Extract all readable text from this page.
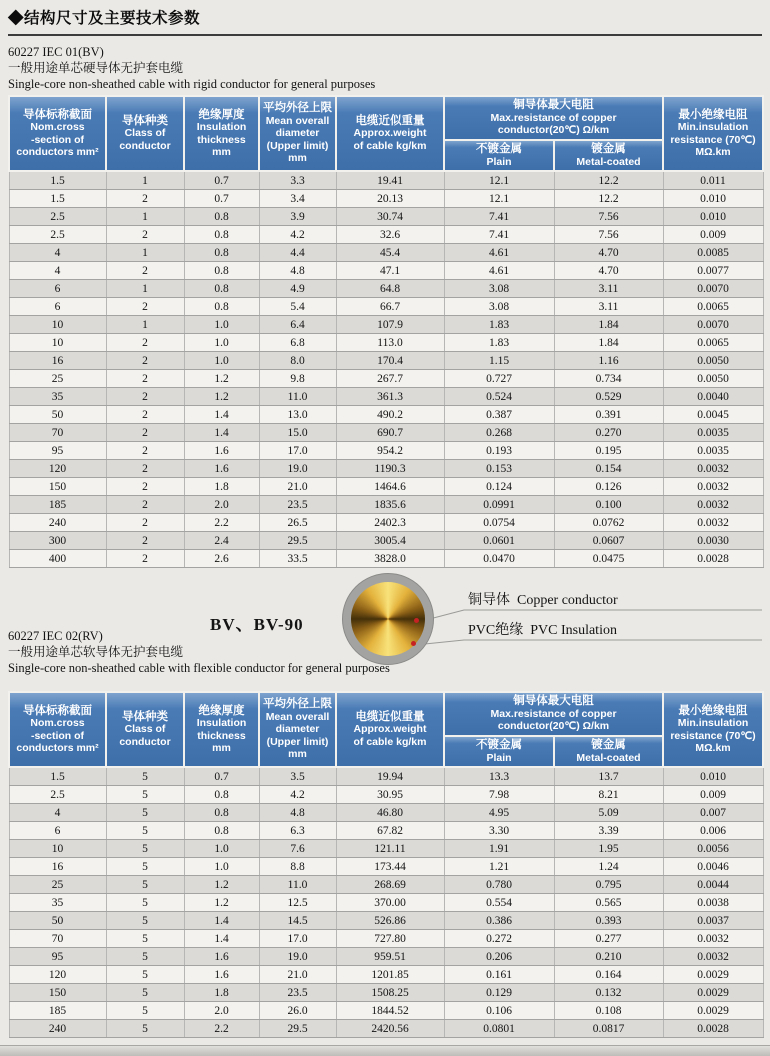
◆结构尺寸及主要技术参数
60227 IEC 01(BV)
一般用途单芯硬导体无护套电缆
Single-core non-sheathed cable with rigid conductor for general purposes
导体标称截面
Nom.cross
-section of
conductors mm²	导体种类
Class of
conductor	绝缘厚度
Insulation
thickness
mm	平均外径上限
Mean overall
diameter
(Upper limit)
mm	电缆近似重量
Approx.weight
of cable kg/km	铜导体最大电阻
Max.resistance of copper
conductor(20℃) Ω/km		最小绝缘电阻
Min.insulation
resistance (70℃)
MΩ.km

					不镀金属
Plain	镀金属
Metal-coated	

1.5	1	0.7	3.3	19.41	12.1	12.2	0.011
1.5	2	0.7	3.4	20.13	12.1	12.2	0.010
2.5	1	0.8	3.9	30.74	7.41	7.56	0.010
2.5	2	0.8	4.2	32.6	7.41	7.56	0.009
4	1	0.8	4.4	45.4	4.61	4.70	0.0085
4	2	0.8	4.8	47.1	4.61	4.70	0.0077
6	1	0.8	4.9	64.8	3.08	3.11	0.0070
6	2	0.8	5.4	66.7	3.08	3.11	0.0065
10	1	1.0	6.4	107.9	1.83	1.84	0.0070
10	2	1.0	6.8	113.0	1.83	1.84	0.0065
16	2	1.0	8.0	170.4	1.15	1.16	0.0050
25	2	1.2	9.8	267.7	0.727	0.734	0.0050
35	2	1.2	11.0	361.3	0.524	0.529	0.0040
50	2	1.4	13.0	490.2	0.387	0.391	0.0045
70	2	1.4	15.0	690.7	0.268	0.270	0.0035
95	2	1.6	17.0	954.2	0.193	0.195	0.0035
120	2	1.6	19.0	1190.3	0.153	0.154	0.0032
150	2	1.8	21.0	1464.6	0.124	0.126	0.0032
185	2	2.0	23.5	1835.6	0.0991	0.100	0.0032
240	2	2.2	26.5	2402.3	0.0754	0.0762	0.0032
300	2	2.4	29.5	3005.4	0.0601	0.0607	0.0030
400	2	2.6	33.5	3828.0	0.0470	0.0475	0.0028
BV、BV-90
铜导体 Copper conductor
PVC绝缘 PVC Insulation
60227 IEC 02(RV)
一般用途单芯软导体无护套电缆
Single-core non-sheathed cable with flexible conductor for general purposes
导体标称截面
Nom.cross
-section of
conductors mm²	导体种类
Class of
conductor	绝缘厚度
Insulation
thickness
mm	平均外径上限
Mean overall
diameter
(Upper limit)
mm	电缆近似重量
Approx.weight
of cable kg/km	铜导体最大电阻
Max.resistance of copper
conductor(20℃) Ω/km		最小绝缘电阻
Min.insulation
resistance (70℃)
MΩ.km

					不镀金属
Plain	镀金属
Metal-coated	

1.5	5	0.7	3.5	19.94	13.3	13.7	0.010
2.5	5	0.8	4.2	30.95	7.98	8.21	0.009
4	5	0.8	4.8	46.80	4.95	5.09	0.007
6	5	0.8	6.3	67.82	3.30	3.39	0.006
10	5	1.0	7.6	121.11	1.91	1.95	0.0056
16	5	1.0	8.8	173.44	1.21	1.24	0.0046
25	5	1.2	11.0	268.69	0.780	0.795	0.0044
35	5	1.2	12.5	370.00	0.554	0.565	0.0038
50	5	1.4	14.5	526.86	0.386	0.393	0.0037
70	5	1.4	17.0	727.80	0.272	0.277	0.0032
95	5	1.6	19.0	959.51	0.206	0.210	0.0032
120	5	1.6	21.0	1201.85	0.161	0.164	0.0029
150	5	1.8	23.5	1508.25	0.129	0.132	0.0029
185	5	2.0	26.0	1844.52	0.106	0.108	0.0029
240	5	2.2	29.5	2420.56	0.0801	0.0817	0.0028
